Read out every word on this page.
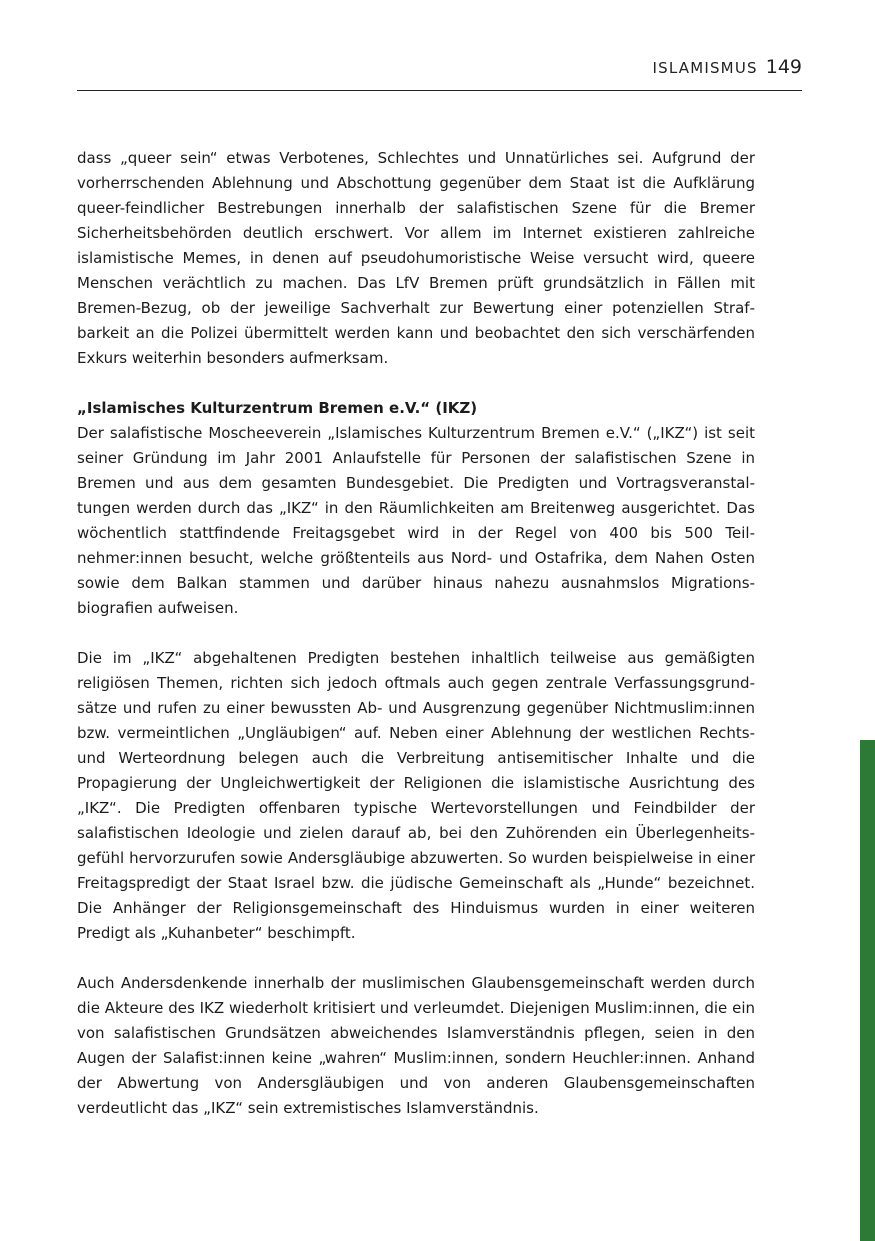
ISLAMISMUS 149

dass „queer sein“ etwas Verbotenes, Schlechtes und Unnatürliches sei. Aufgrund der vorherrschenden Ablehnung und Abschottung gegenüber dem Staat ist die Aufklärung queer-feindlicher Bestrebungen innerhalb der salafistischen Szene für die Bremer Sicherheitsbehörden deutlich erschwert. Vor allem im Internet existieren zahlreiche islamistische Memes, in denen auf pseudohumoristische Weise versucht wird, queere Menschen verächtlich zu machen. Das LfV Bremen prüft grundsätzlich in Fällen mit Bremen-Bezug, ob der jeweilige Sachverhalt zur Bewertung einer potenziellen Strafbarkeit an die Polizei übermittelt werden kann und beobachtet den sich verschärfenden Exkurs weiterhin besonders aufmerksam.

„Islamisches Kulturzentrum Bremen e.V.“ (IKZ)

Der salafistische Moscheeverein „Islamisches Kulturzentrum Bremen e.V.“ („IKZ“) ist seit seiner Gründung im Jahr 2001 Anlaufstelle für Personen der salafistischen Szene in Bremen und aus dem gesamten Bundesgebiet. Die Predigten und Vortragsveranstaltungen werden durch das „IKZ“ in den Räumlichkeiten am Breitenweg ausgerichtet. Das wöchentlich stattfindende Freitagsgebet wird in der Regel von 400 bis 500 Teilnehmer:innen besucht, welche größtenteils aus Nord- und Ostafrika, dem Nahen Osten sowie dem Balkan stammen und darüber hinaus nahezu ausnahmslos Migrationsbiografien aufweisen.

Die im „IKZ“ abgehaltenen Predigten bestehen inhaltlich teilweise aus gemäßigten religiösen Themen, richten sich jedoch oftmals auch gegen zentrale Verfassungsgrundsätze und rufen zu einer bewussten Ab- und Ausgrenzung gegenüber Nichtmuslim:innen bzw. vermeintlichen „Ungläubigen“ auf. Neben einer Ablehnung der westlichen Rechts- und Werteordnung belegen auch die Verbreitung antisemitischer Inhalte und die Propagierung der Ungleichwertigkeit der Religionen die islamistische Ausrichtung des „IKZ“. Die Predigten offenbaren typische Wertevorstellungen und Feindbilder der salafistischen Ideologie und zielen darauf ab, bei den Zuhörenden ein Überlegenheitsgefühl hervorzurufen sowie Andersgläubige abzuwerten. So wurden beispielweise in einer Freitagspredigt der Staat Israel bzw. die jüdische Gemeinschaft als „Hunde“ bezeichnet. Die Anhänger der Religionsgemeinschaft des Hinduismus wurden in einer weiteren Predigt als „Kuhanbeter“ beschimpft.

Auch Andersdenkende innerhalb der muslimischen Glaubensgemeinschaft werden durch die Akteure des IKZ wiederholt kritisiert und verleumdet. Diejenigen Muslim:innen, die ein von salafistischen Grundsätzen abweichendes Islamverständnis pflegen, seien in den Augen der Salafist:innen keine „wahren“ Muslim:innen, sondern Heuchler:innen. Anhand der Abwertung von Andersgläubigen und von anderen Glaubensgemeinschaften verdeutlicht das „IKZ“ sein extremistisches Islamverständnis.
